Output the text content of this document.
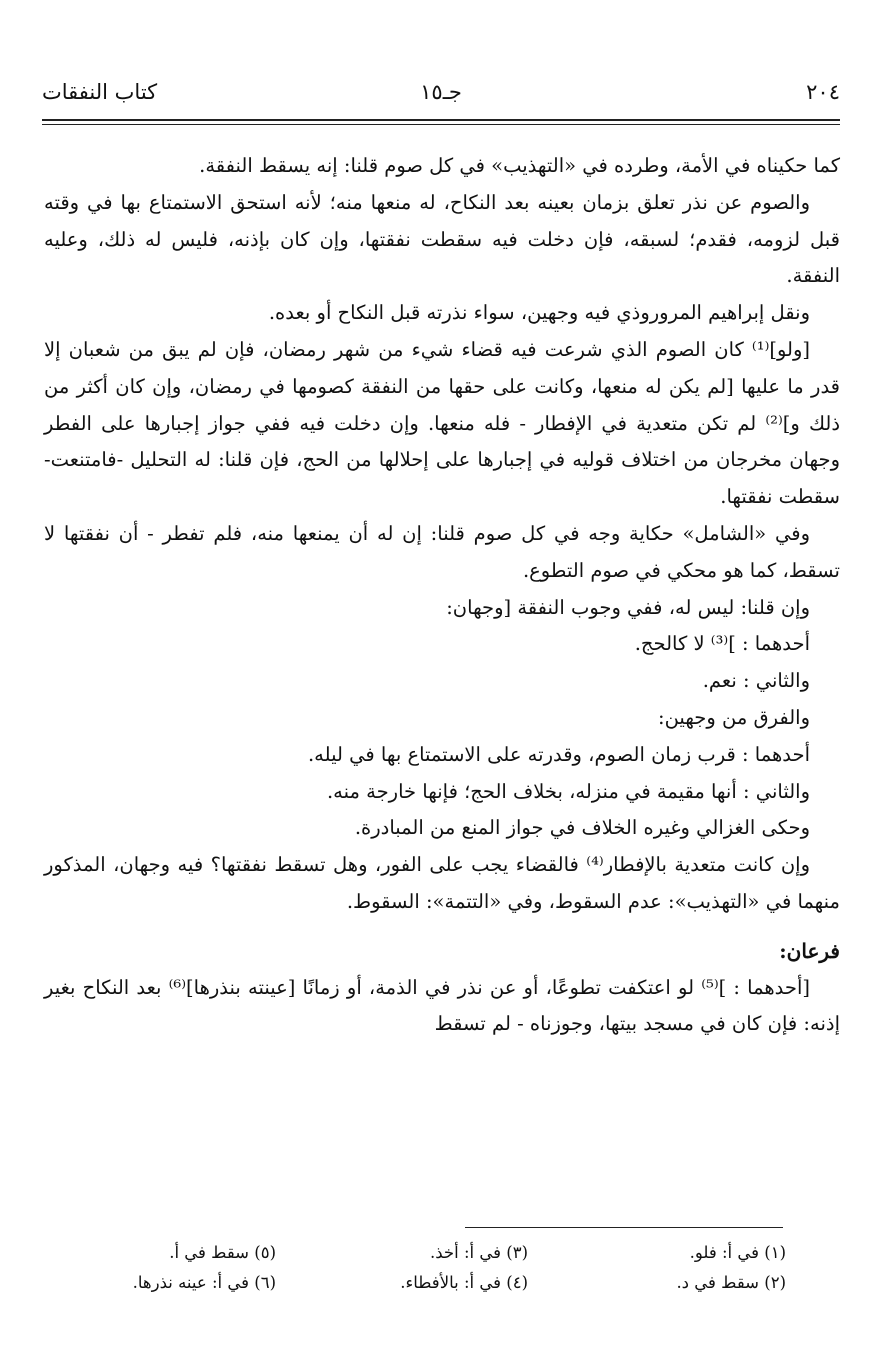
٢٠٤
جـ١٥
كتاب النفقات

كما حكيناه في الأمة، وطرده في «التهذيب» في كل صوم قلنا: إنه يسقط النفقة.

والصوم عن نذر تعلق بزمان بعينه بعد النكاح، له منعها منه؛ لأنه استحق الاستمتاع بها في وقته قبل لزومه، فقدم؛ لسبقه، فإن دخلت فيه سقطت نفقتها، وإن كان بإذنه، فليس له ذلك، وعليه النفقة.

ونقل إبراهيم المروروذي فيه وجهين، سواء نذرته قبل النكاح أو بعده.

[ولو]⁽¹⁾ كان الصوم الذي شرعت فيه قضاء شيء من شهر رمضان، فإن لم يبق من شعبان إلا قدر ما عليها [لم يكن له منعها، وكانت على حقها من النفقة كصومها في رمضان، وإن كان أكثر من ذلك و]⁽²⁾ لم تكن متعدية في الإفطار - فله منعها. وإن دخلت فيه ففي جواز إجبارها على الفطر وجهان مخرجان من اختلاف قوليه في إجبارها على إحلالها من الحج، فإن قلنا: له التحليل -فامتنعت- سقطت نفقتها.

وفي «الشامل» حكاية وجه في كل صوم قلنا: إن له أن يمنعها منه، فلم تفطر - أن نفقتها لا تسقط، كما هو محكي في صوم التطوع.

وإن قلنا: ليس له، ففي وجوب النفقة [وجهان:

أحدهما : ]⁽³⁾ لا كالحج.

والثاني : نعم.

والفرق من وجهين:

أحدهما : قرب زمان الصوم، وقدرته على الاستمتاع بها في ليله.

والثاني : أنها مقيمة في منزله، بخلاف الحج؛ فإنها خارجة منه.

وحكى الغزالي وغيره الخلاف في جواز المنع من المبادرة.

وإن كانت متعدية بالإفطار⁽⁴⁾ فالقضاء يجب على الفور، وهل تسقط نفقتها؟ فيه وجهان، المذكور منهما في «التهذيب»: عدم السقوط، وفي «التتمة»: السقوط.

فرعان:

[أحدهما : ]⁽⁵⁾ لو اعتكفت تطوعًا، أو عن نذر في الذمة، أو زمانًا [عينته بنذرها]⁽⁶⁾ بعد النكاح بغير إذنه: فإن كان في مسجد بيتها، وجوزناه - لم تسقط

(١) في أ: فلو.
(٢) سقط في د.
(٣) في أ: أخذ.
(٤) في أ: بالأفطاء.
(٥) سقط في أ.
(٦) في أ: عينه نذرها.
